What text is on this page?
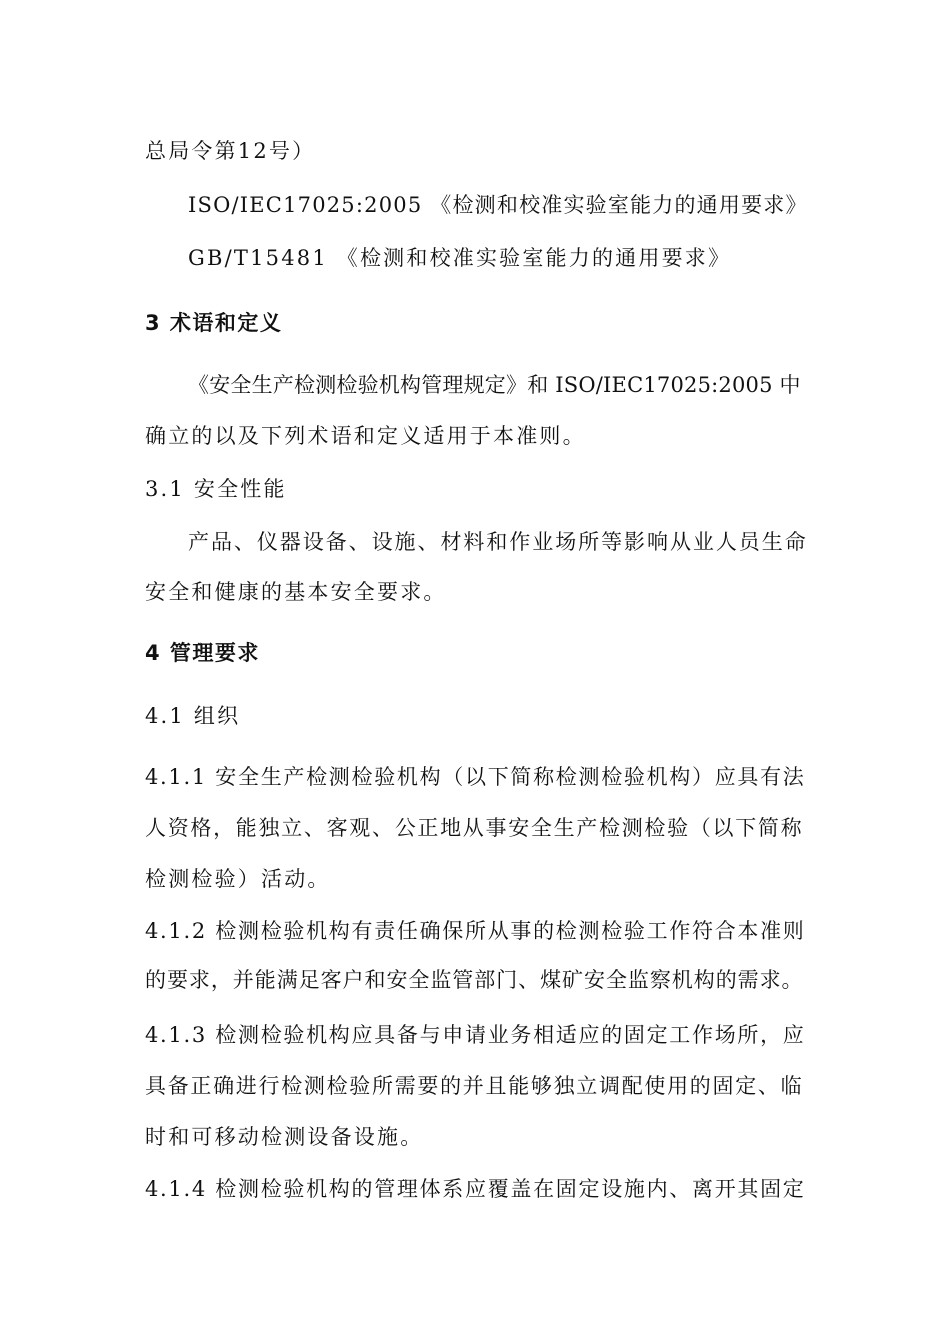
总局令第12号）
ISO/IEC17025:2005 《检测和校准实验室能力的通用要求》
GB/T15481 《检测和校准实验室能力的通用要求》
3 术语和定义
《安全生产检测检验机构管理规定》和 ISO/IEC17025:2005 中
确立的以及下列术语和定义适用于本准则。
3.1 安全性能
产品、仪器设备、设施、材料和作业场所等影响从业人员生命
安全和健康的基本安全要求。
4 管理要求
4.1 组织
4.1.1 安全生产检测检验机构（以下简称检测检验机构）应具有法
人资格，能独立、客观、公正地从事安全生产检测检验（以下简称
检测检验）活动。
4.1.2 检测检验机构有责任确保所从事的检测检验工作符合本准则
的要求，并能满足客户和安全监管部门、煤矿安全监察机构的需求。
4.1.3 检测检验机构应具备与申请业务相适应的固定工作场所，应
具备正确进行检测检验所需要的并且能够独立调配使用的固定、临
时和可移动检测设备设施。
4.1.4 检测检验机构的管理体系应覆盖在固定设施内、离开其固定
